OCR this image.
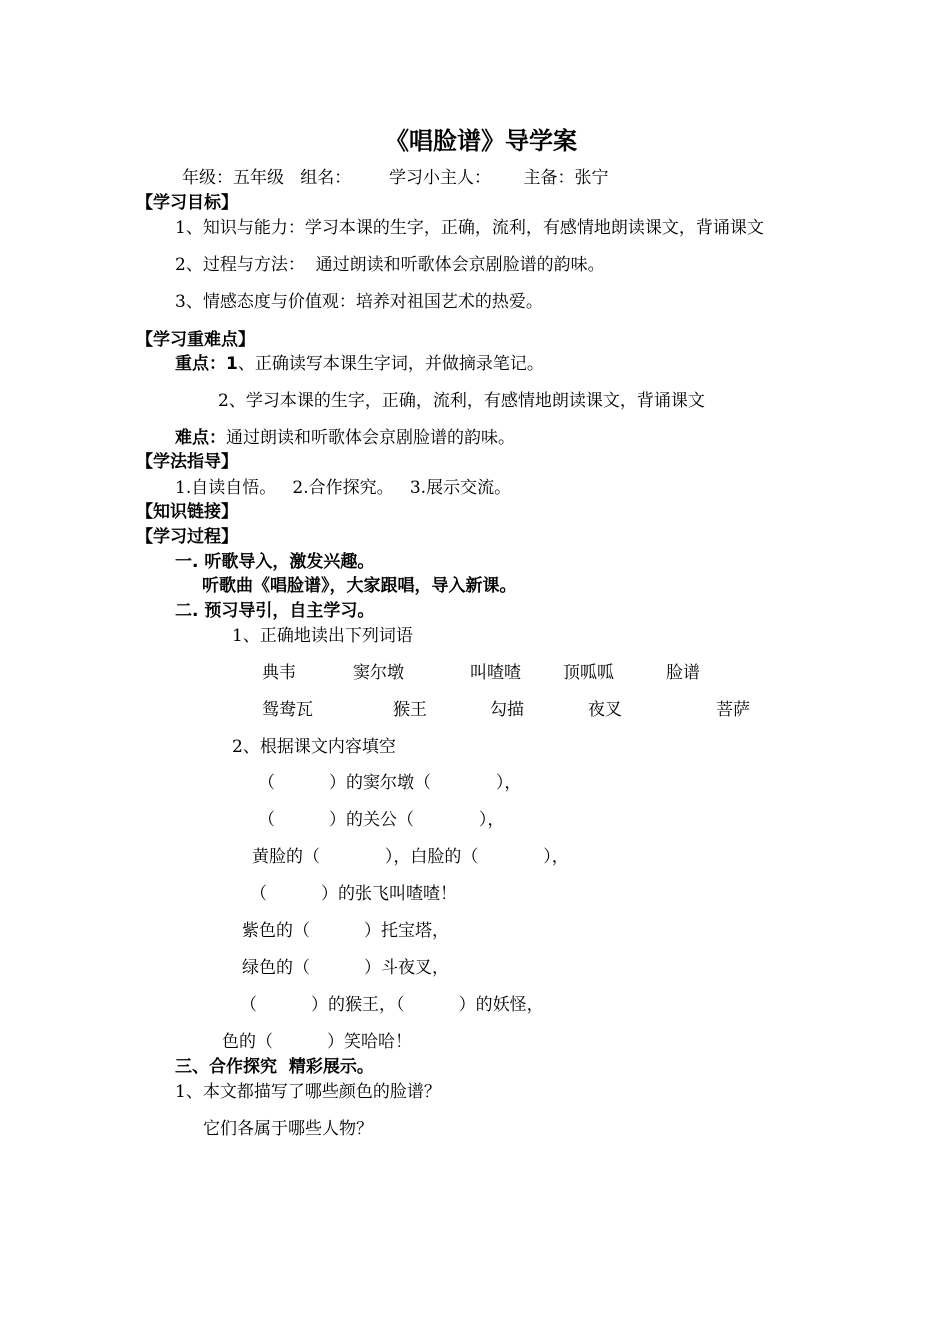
《唱脸谱》导学案
年级：五年级   组名：       学习小主人：      主备：张宁
【学习目标】
1、知识与能力：学习本课的生字，正确，流利，有感情地朗读课文，背诵课文
2、过程与方法：  通过朗读和听歌体会京剧脸谱的韵味。
3、情感态度与价值观：培养对祖国艺术的热爱。
【学习重难点】
重点：1、正确读写本课生字词，并做摘录笔记。
2、学习本课的生字，正确，流利，有感情地朗读课文，背诵课文
难点：通过朗读和听歌体会京剧脸谱的韵味。
【学法指导】
1.自读自悟。   2.合作探究。   3.展示交流。
【知识链接】
【学习过程】
一. 听歌导入，激发兴趣。
听歌曲《唱脸谱》，大家跟唱，导入新课。
二. 预习导引，自主学习。
1、正确地读出下列词语
典韦	窦尔墩	叫喳喳 顶呱呱	脸谱
鸳鸯瓦	猴王	勾描	夜叉	菩萨
2、根据课文内容填空
（          ）的窦尔墩（            ），
（          ）的关公（            ），
黄脸的（            ），白脸的（            ），
（          ）的张飞叫喳喳！
紫色的（          ）托宝塔，
绿色的（          ）斗夜叉，
（          ）的猴王，（          ）的妖怪，
色的（          ）笑哈哈！
三、合作探究  精彩展示。
1、本文都描写了哪些颜色的脸谱？
它们各属于哪些人物？
